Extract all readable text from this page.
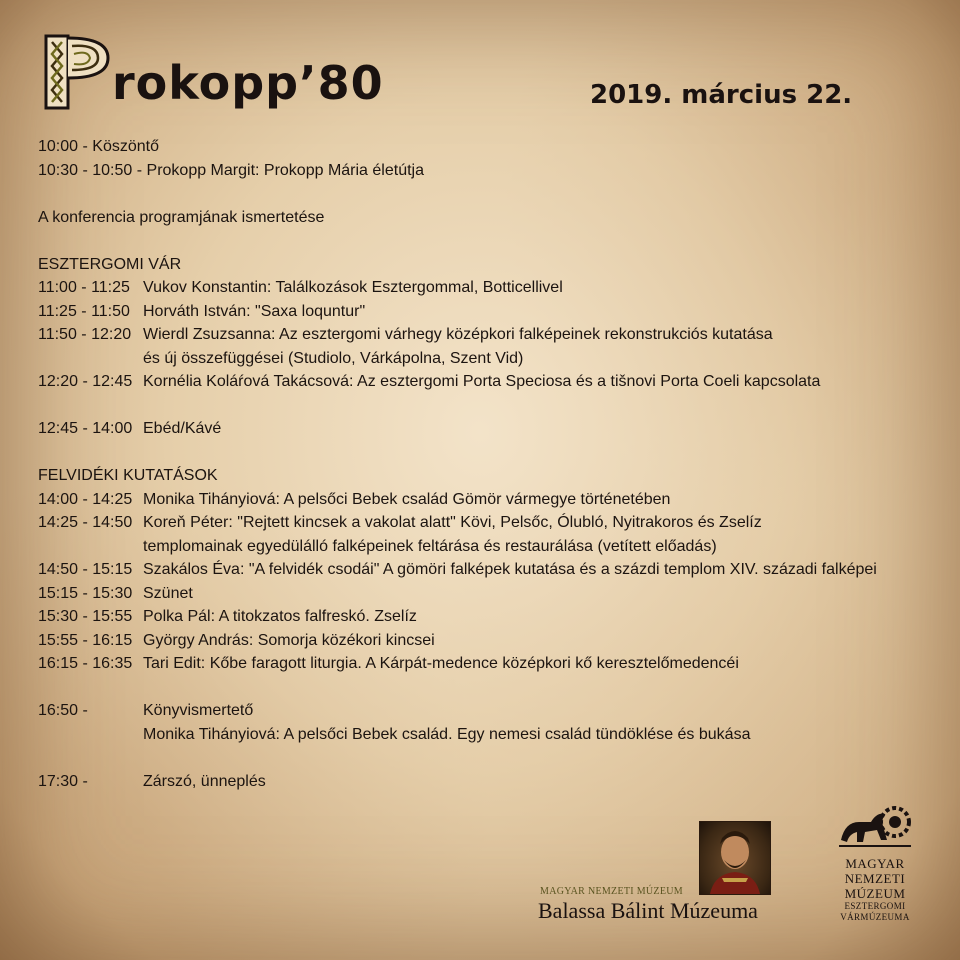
rokopp’80	2019. március 22.
10:00 - Köszöntő
10:30 - 10:50 - Prokopp Margit: Prokopp Mária életútja
A konferencia programjának ismertetése
ESZTERGOMI VÁR
11:00 - 11:25 Vukov Konstantin: Találkozások Esztergommal, Botticellivel
11:25 - 11:50 Horváth István: "Saxa loquntur"
11:50 - 12:20 Wierdl Zsuzsanna: Az esztergomi várhegy középkori falképeinek rekonstrukciós kutatása
és új összefüggései (Studiolo, Várkápolna, Szent Vid)
12:20 - 12:45 Kornélia Koláŕová Takácsová: Az esztergomi Porta Speciosa és a tišnovi Porta Coeli kapcsolata
12:45 - 14:00 Ebéd/Kávé
FELVIDÉKI KUTATÁSOK
14:00 - 14:25 Monika Tihányiová: A pelsőci Bebek család Gömör vármegye történetében
14:25 - 14:50 Koreň Péter: "Rejtett kincsek a vakolat alatt" Kövi, Pelsőc, Ólubló, Nyitrakoros és Zselíz
templomainak egyedülálló falképeinek feltárása és restaurálása (vetített előadás)
14:50 - 15:15 Szakálos Éva: "A felvidék csodái" A gömöri falképek kutatása és a százdi templom XIV. századi falképei
15:15 - 15:30 Szünet
15:30 - 15:55 Polka Pál: A titokzatos falfreskó. Zselíz
15:55 - 16:15 György András: Somorja közékori kincsei
16:15 - 16:35 Tari Edit: Kőbe faragott liturgia. A Kárpát-medence középkori kő keresztelőmedencéi
16:50 -	Könyvismertető
Monika Tihányiová: A pelsőci Bebek család. Egy nemesi család tündöklése és bukása
17:30 -	Zárszó, ünneplés
MAGYAR NEMZETI MÚZEUM
Balassa Bálint Múzeuma
MAGYAR
NEMZETI
MÚZEUM
ESZTERGOMI
VÁRMÚZEUMA
